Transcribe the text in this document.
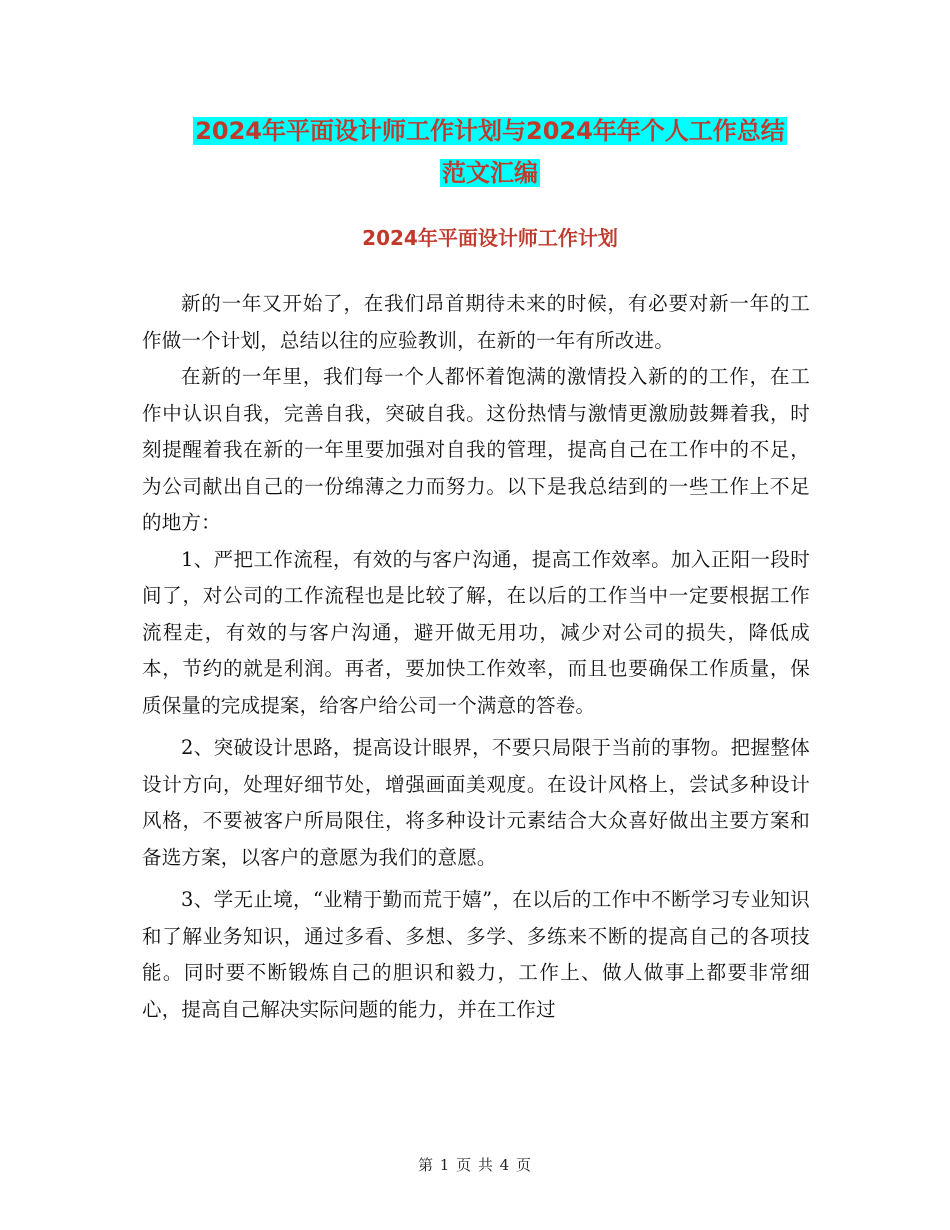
2024年平面设计师工作计划与2024年年个人工作总结
范文汇编
2024年平面设计师工作计划

新的一年又开始了，在我们昂首期待未来的时候，有必要对新一年的工作做一个计划，总结以往的应验教训，在新的一年有所改进。

在新的一年里，我们每一个人都怀着饱满的激情投入新的的工作，在工作中认识自我，完善自我，突破自我。这份热情与激情更激励鼓舞着我，时刻提醒着我在新的一年里要加强对自我的管理，提高自己在工作中的不足，为公司献出自己的一份绵薄之力而努力。以下是我总结到的一些工作上不足的地方：

1、严把工作流程，有效的与客户沟通，提高工作效率。加入正阳一段时间了，对公司的工作流程也是比较了解，在以后的工作当中一定要根据工作流程走，有效的与客户沟通，避开做无用功，减少对公司的损失，降低成本，节约的就是利润。再者，要加快工作效率，而且也要确保工作质量，保质保量的完成提案，给客户给公司一个满意的答卷。

2、突破设计思路，提高设计眼界，不要只局限于当前的事物。把握整体设计方向，处理好细节处，增强画面美观度。在设计风格上，尝试多种设计风格，不要被客户所局限住，将多种设计元素结合大众喜好做出主要方案和备选方案，以客户的意愿为我们的意愿。

3、学无止境，“业精于勤而荒于嬉”，在以后的工作中不断学习专业知识和了解业务知识，通过多看、多想、多学、多练来不断的提高自己的各项技能。同时要不断锻炼自己的胆识和毅力，工作上、做人做事上都要非常细心，提高自己解决实际问题的能力，并在工作过

第 1 页 共 4 页
